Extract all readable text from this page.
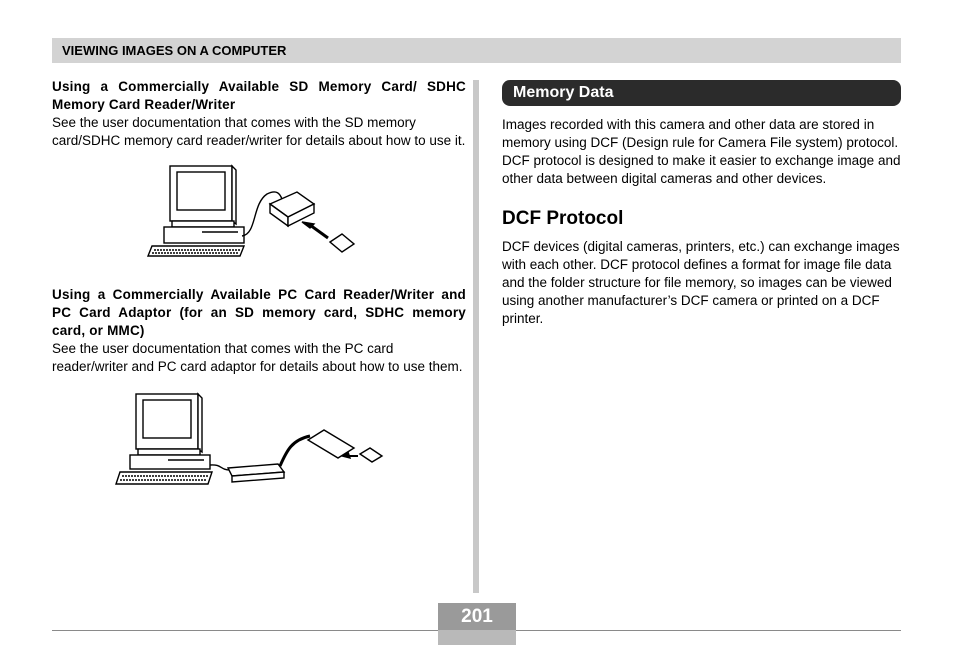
VIEWING IMAGES ON A COMPUTER

Using a Commercially Available SD Memory Card/ SDHC Memory Card Reader/Writer

See the user documentation that comes with the SD memory card/SDHC memory card reader/writer for details about how to use it.

Using a Commercially Available PC Card Reader/Writer and PC Card Adaptor (for an SD memory card, SDHC memory card, or MMC)

See the user documentation that comes with the PC card reader/writer and PC card adaptor for details about how to use them.

Memory Data

Images recorded with this camera and other data are stored in memory using DCF (Design rule for Camera File system) protocol. DCF protocol is designed to make it easier to exchange image and other data between digital cameras and other devices.

DCF Protocol

DCF devices (digital cameras, printers, etc.) can exchange images with each other. DCF protocol defines a format for image file data and the folder structure for file memory, so images can be viewed using another manufacturer’s DCF camera or printed on a DCF printer.

201
